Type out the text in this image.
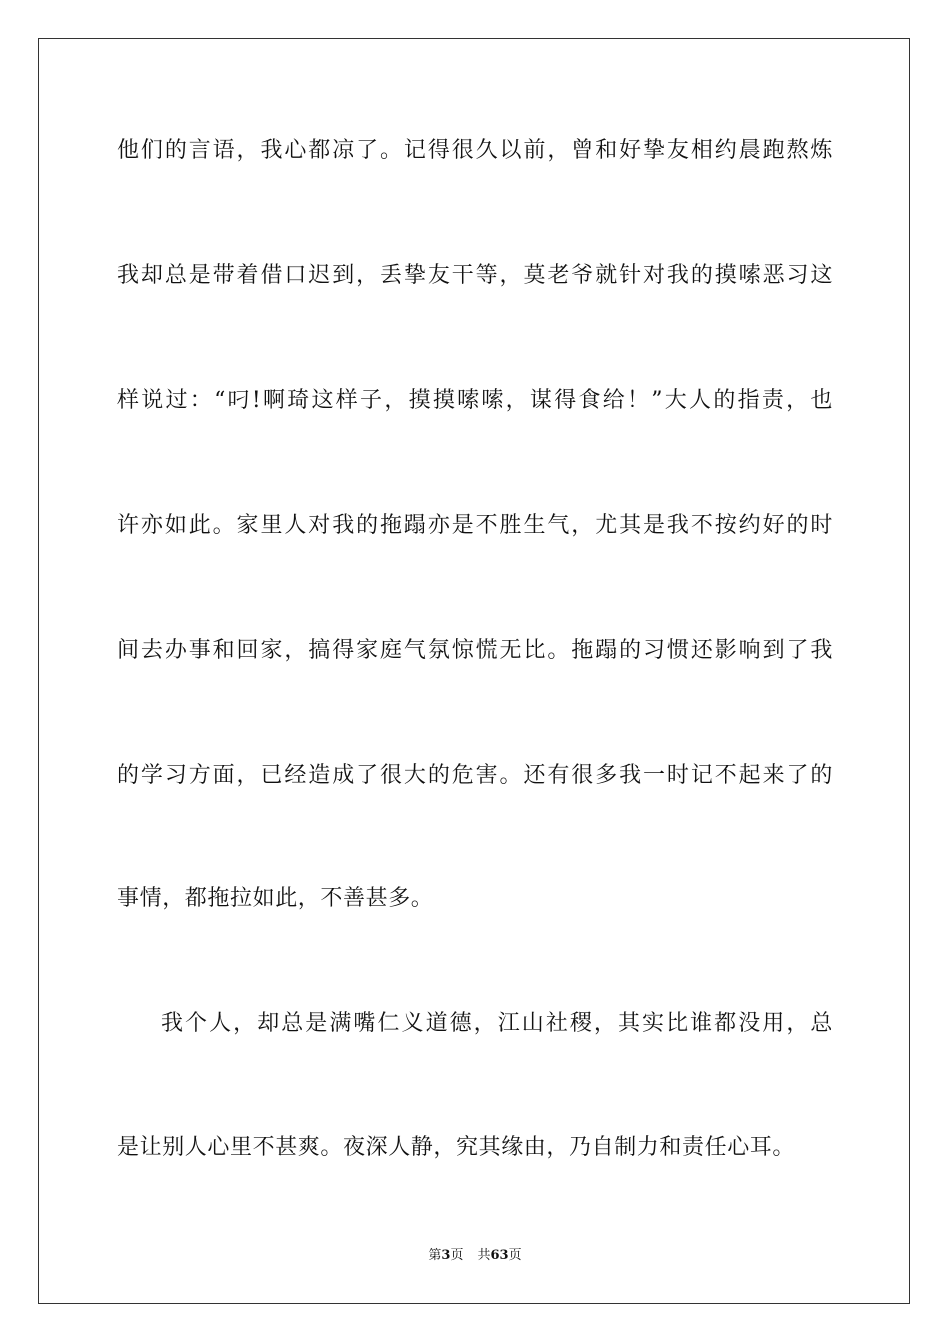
他们的言语，我心都凉了。记得很久以前，曾和好挚友相约晨跑熬炼
我却总是带着借口迟到，丢挚友干等，莫老爷就针对我的摸嗦恶习这
样说过：“叼!啊琦这样子，摸摸嗦嗦，谋得食给！”大人的指责，也
许亦如此。家里人对我的拖蹋亦是不胜生气，尤其是我不按约好的时
间去办事和回家，搞得家庭气氛惊慌无比。拖蹋的习惯还影响到了我
的学习方面，已经造成了很大的危害。还有很多我一时记不起来了的
事情，都拖拉如此，不善甚多。
我个人，却总是满嘴仁义道德，江山社稷，其实比谁都没用，总
是让别人心里不甚爽。夜深人静，究其缘由，乃自制力和责任心耳。
第3页 共63页
